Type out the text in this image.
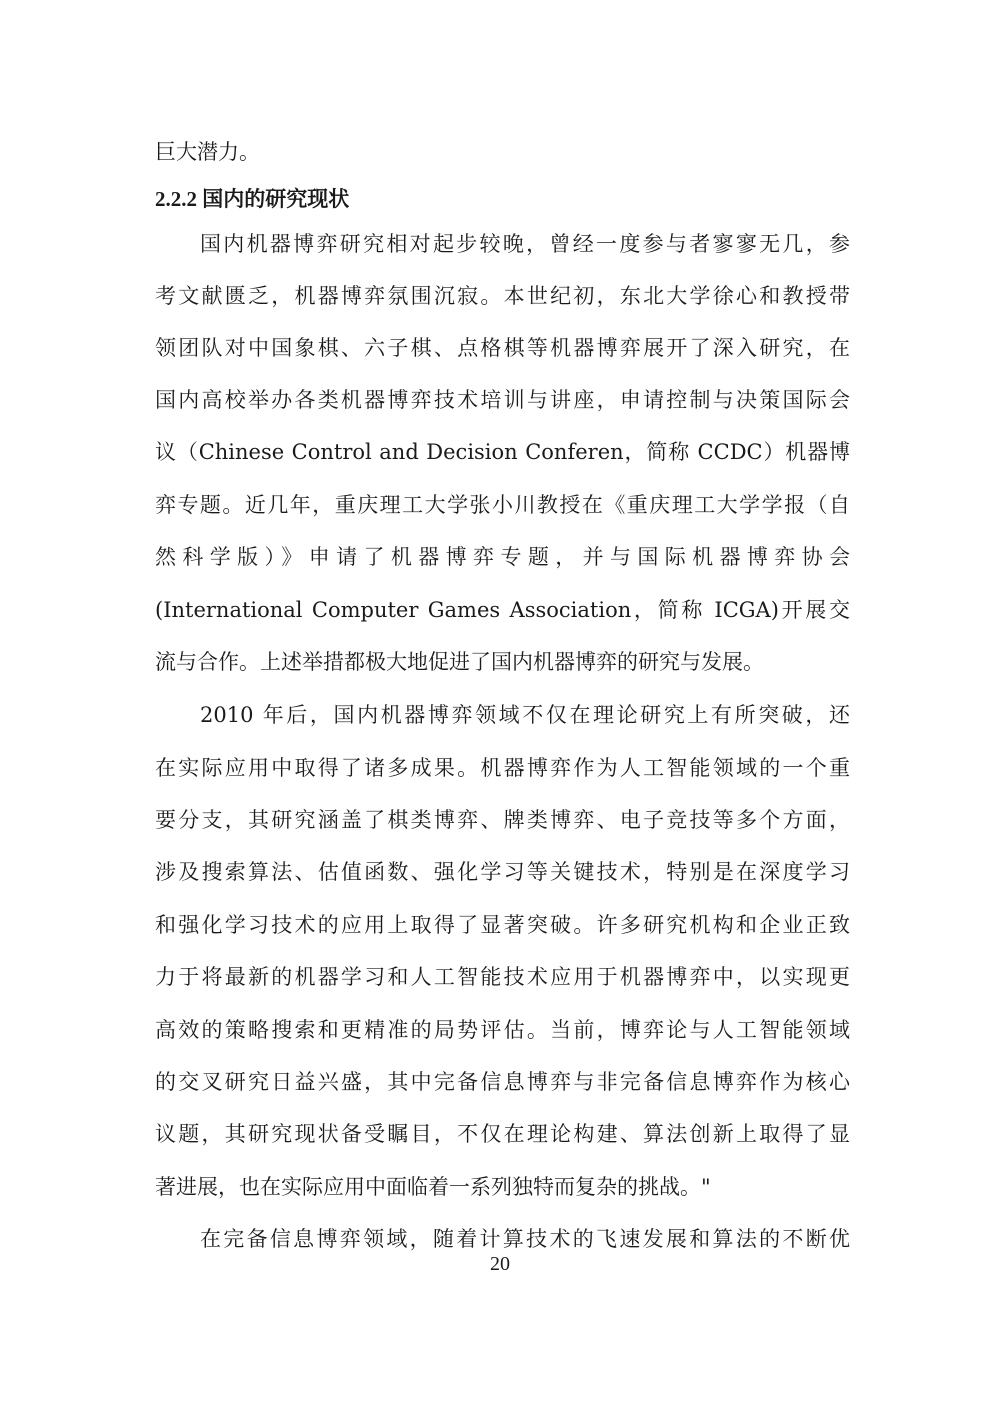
巨大潜力。
2.2.2 国内的研究现状
国内机器博弈研究相对起步较晚，曾经一度参与者寥寥无几，参
考文献匮乏，机器博弈氛围沉寂。本世纪初，东北大学徐心和教授带
领团队对中国象棋、六子棋、点格棋等机器博弈展开了深入研究，在
国内高校举办各类机器博弈技术培训与讲座，申请控制与决策国际会
议（Chinese Control and Decision Conferen，简称 CCDC）机器博
弈专题。近几年，重庆理工大学张小川教授在《重庆理工大学学报（自
然科学版）》申请了机器博弈专题，并与国际机器博弈协会
(International Computer Games Association，简称 ICGA)开展交
流与合作。上述举措都极大地促进了国内机器博弈的研究与发展。
2010 年后，国内机器博弈领域不仅在理论研究上有所突破，还
在实际应用中取得了诸多成果。机器博弈作为人工智能领域的一个重
要分支，其研究涵盖了棋类博弈、牌类博弈、电子竞技等多个方面，
涉及搜索算法、估值函数、强化学习等关键技术，特别是在深度学习
和强化学习技术的应用上取得了显著突破。许多研究机构和企业正致
力于将最新的机器学习和人工智能技术应用于机器博弈中，以实现更
高效的策略搜索和更精准的局势评估。当前，博弈论与人工智能领域
的交叉研究日益兴盛，其中完备信息博弈与非完备信息博弈作为核心
议题，其研究现状备受瞩目，不仅在理论构建、算法创新上取得了显
著进展，也在实际应用中面临着一系列独特而复杂的挑战。"
在完备信息博弈领域，随着计算技术的飞速发展和算法的不断优
20
